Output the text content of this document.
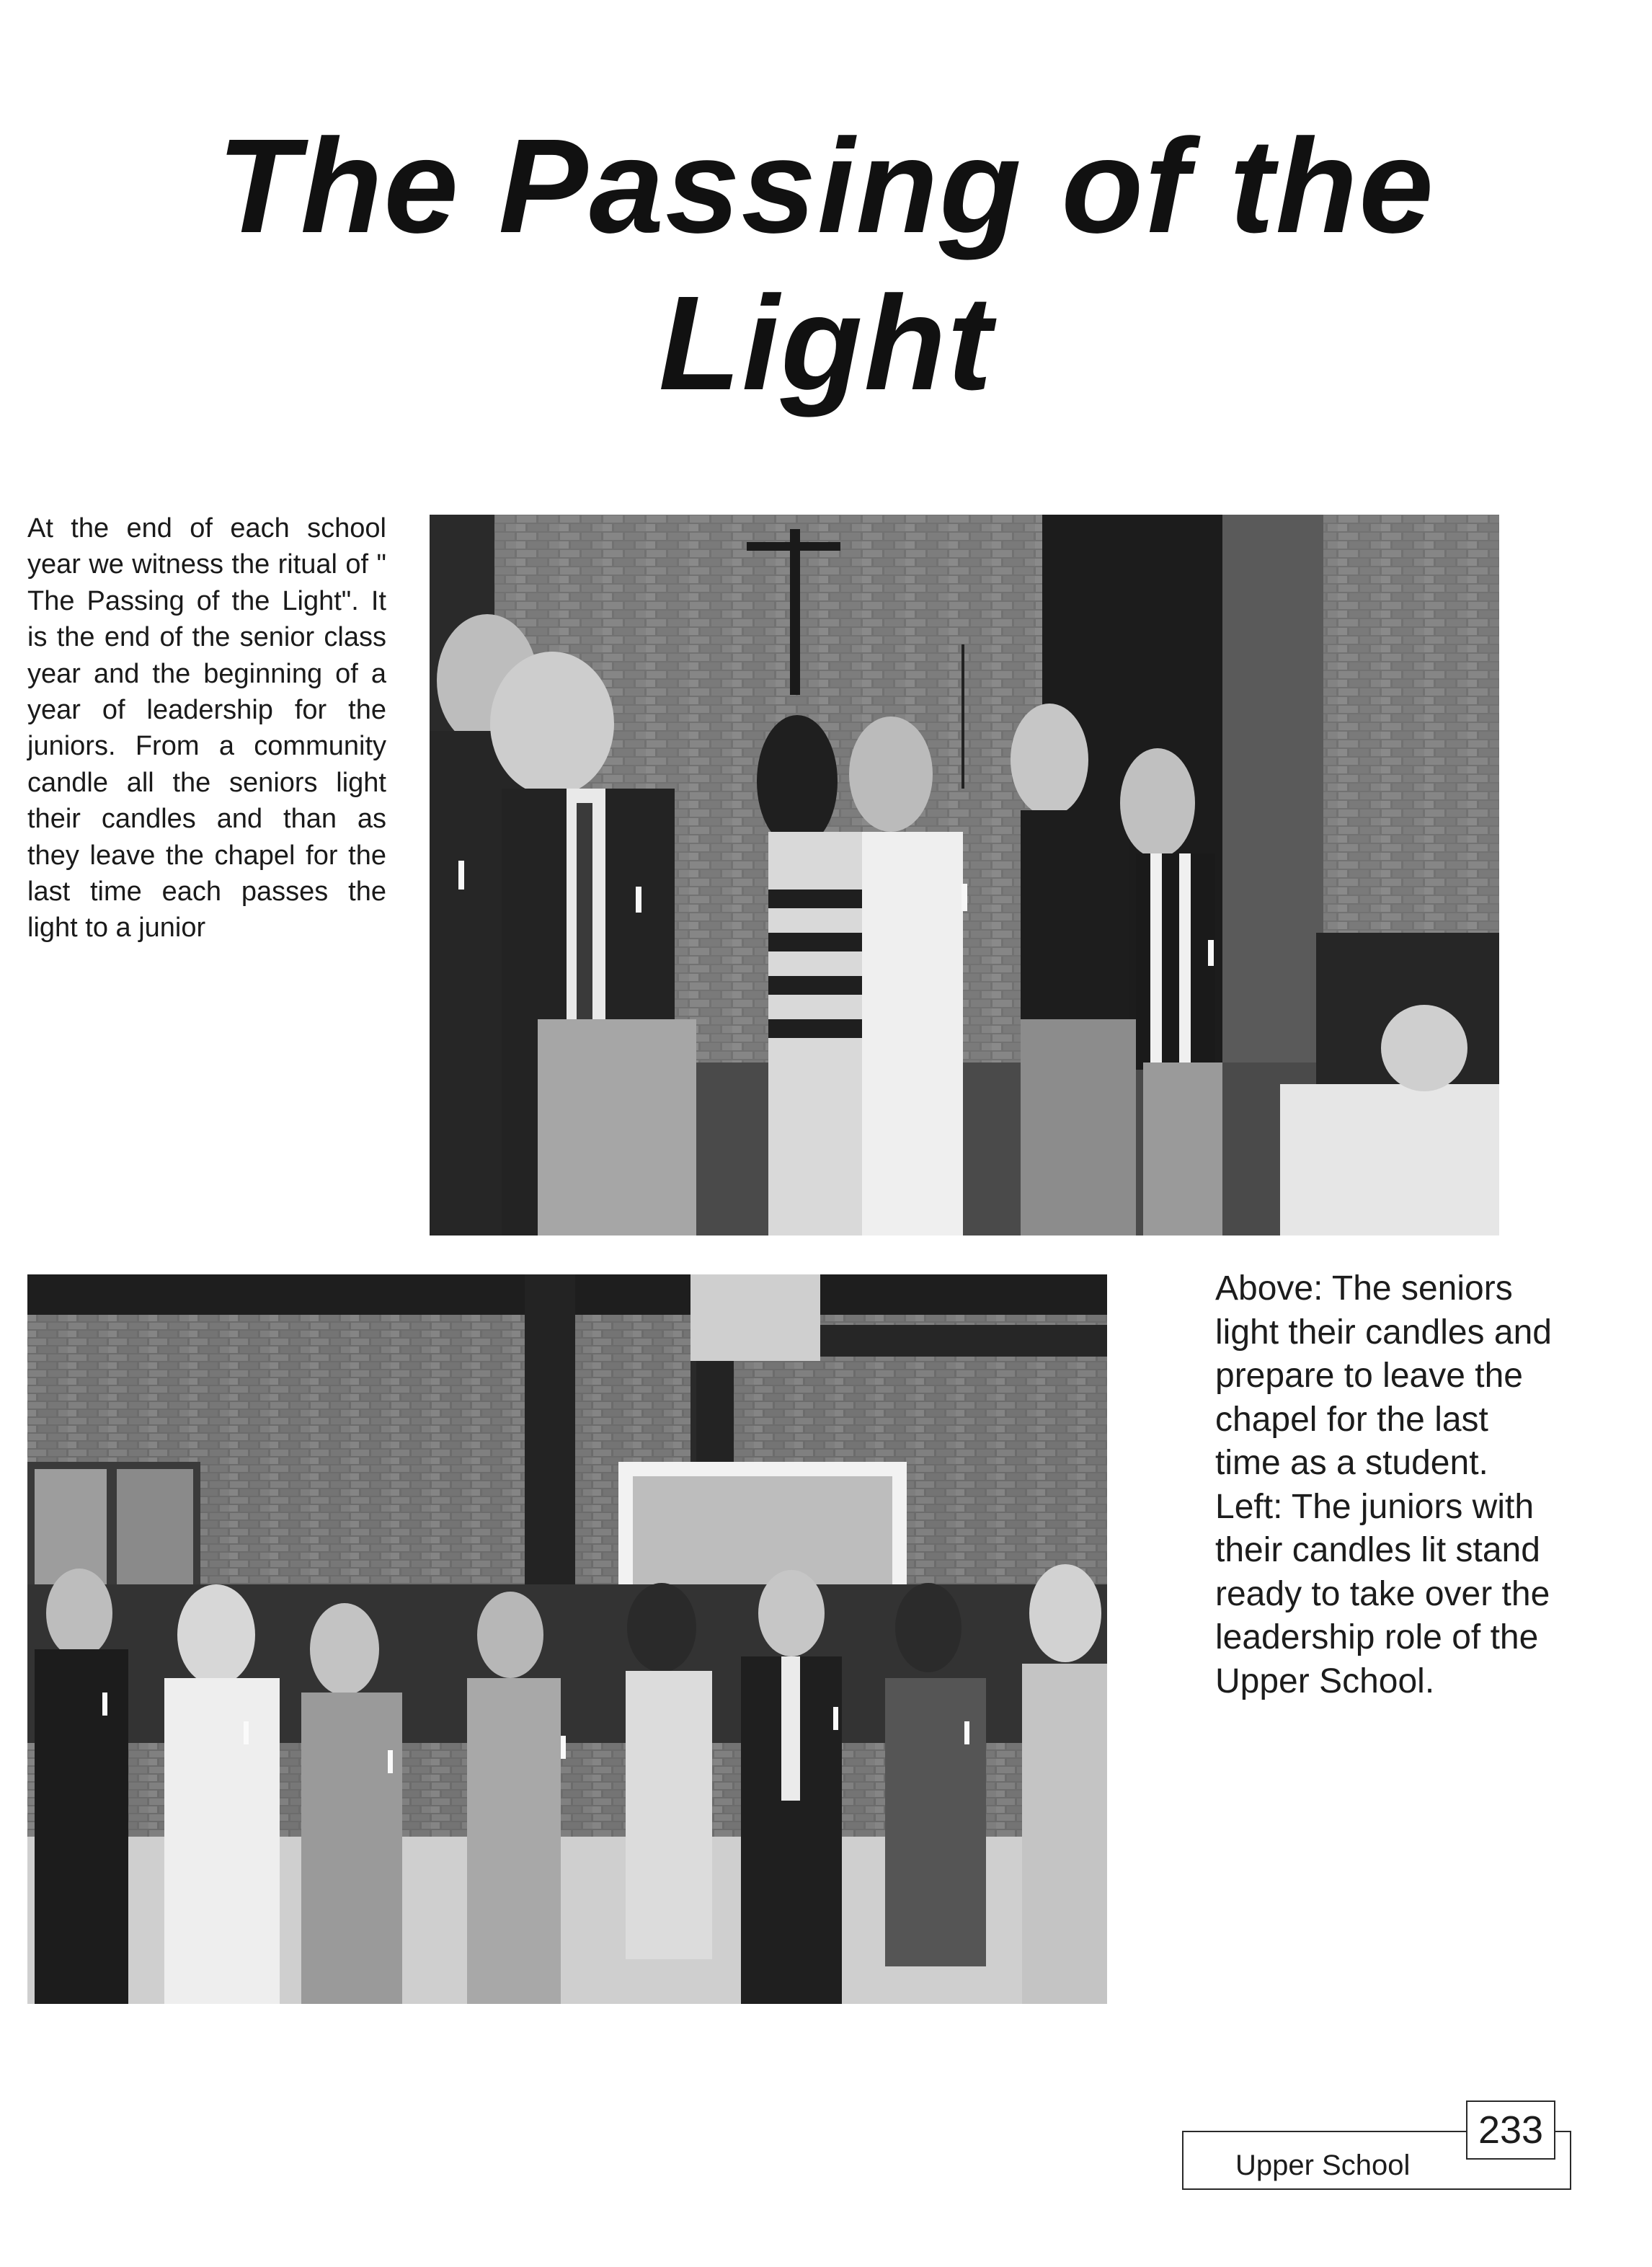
The Passing of the
Light

At the end of each school year we witness the ritual of " The Passing of the Light". It is the end of the senior class year and the beginning of a year of leadership for the juniors. From a community candle all the seniors light their candles and than as they leave the chapel for the last time each passes the light to a junior

Above: The seniors
light their candles and
prepare to leave the
chapel for the last
time as a student.
Left: The juniors with
their candles lit stand
ready to take over the
leadership role of the
Upper School.

Upper School
233
